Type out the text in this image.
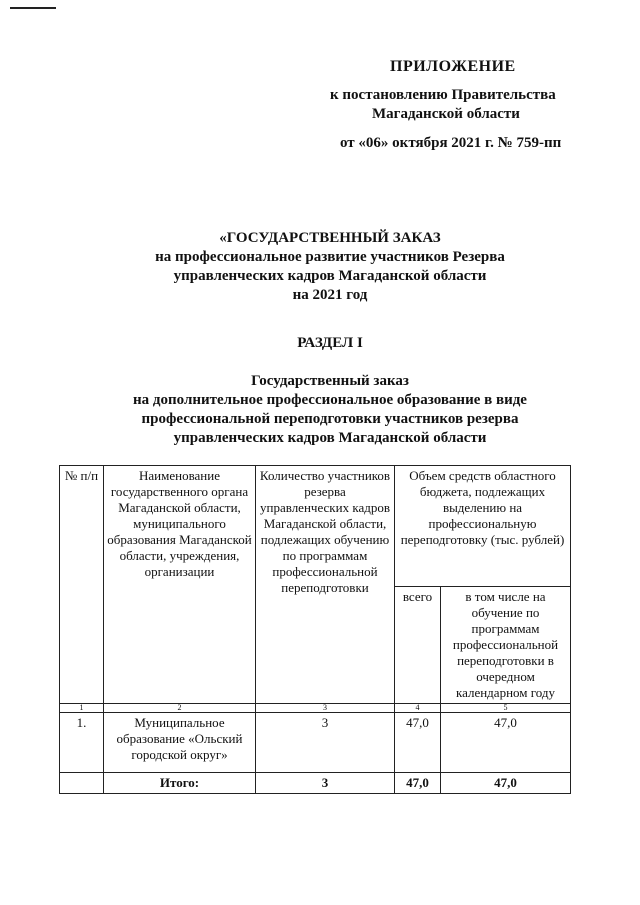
ПРИЛОЖЕНИЕ
к постановлению Правительства
Магаданской области
от «06» октября 2021 г. № 759-пп
«ГОСУДАРСТВЕННЫЙ ЗАКАЗ
на профессиональное развитие участников Резерва
управленческих кадров Магаданской области
на 2021 год
РАЗДЕЛ I
Государственный заказ
на дополнительное профессиональное образование в виде
профессиональной переподготовки участников резерва
управленческих кадров Магаданской области
№ п/п	Наименование государственного органа Магаданской области, муниципального образования Магаданской области, учреждения, организации	Количество участников резерва управленческих кадров Магаданской области, подлежащих обучению по программам профессиональной переподготовки	Объем средств областного бюджета, подлежащих выделению на профессиональную переподготовку (тыс. рублей)	
			всего	в том числе на обучение по программам профессиональной переподготовки в очередном календарном году
1	2	3	4	5
1.	Муниципальное образование «Ольский городской округ»	3	47,0	47,0
	Итого:	3	47,0	47,0
